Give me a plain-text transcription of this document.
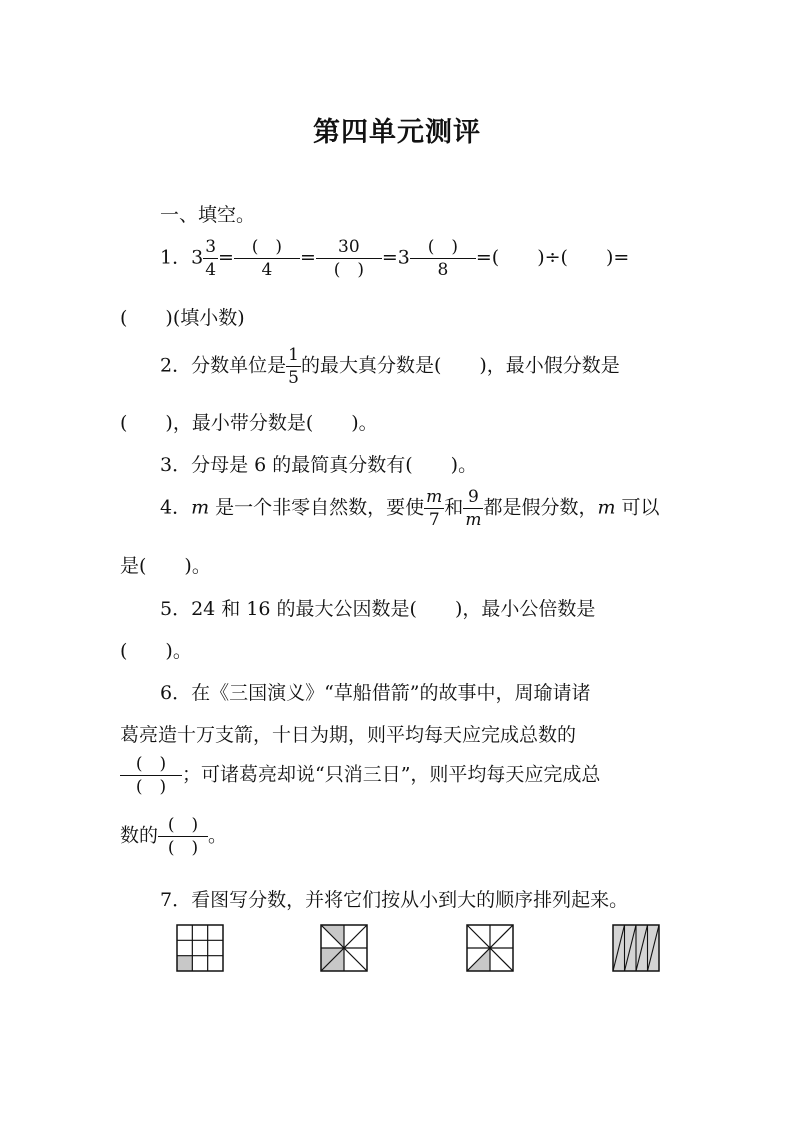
第四单元测评
一、填空。
1．$3 \frac{3}{4} = \frac{( )}{4} = \frac{30}{( )} =3 \frac{( )}{8}$ =(　　)÷(　　)=
(　　)(填小数)
2．分数单位是 $\frac{1}{5}$ 的最大真分数是(　　)，最小假分数是
(　　)，最小带分数是(　　)。
3．分母是 6 的最简真分数有(　　)。
4．m 是一个非零自然数，要使 $\frac{m}{7}$ 和 $\frac{9}{m}$ 都是假分数，m 可以
是(　　)。
5．24 和 16 的最大公因数是(　　)，最小公倍数是
(　　)。
6．在《三国演义》“草船借箭”的故事中，周瑜请诸
葛亮造十万支箭，十日为期，则平均每天应完成总数的
$\frac{( )}{( )}$ ；可诸葛亮却说“只消三日”，则平均每天应完成总
数的 $\frac{( )}{( )}$ 。
7．看图写分数，并将它们按从小到大的顺序排列起来。
